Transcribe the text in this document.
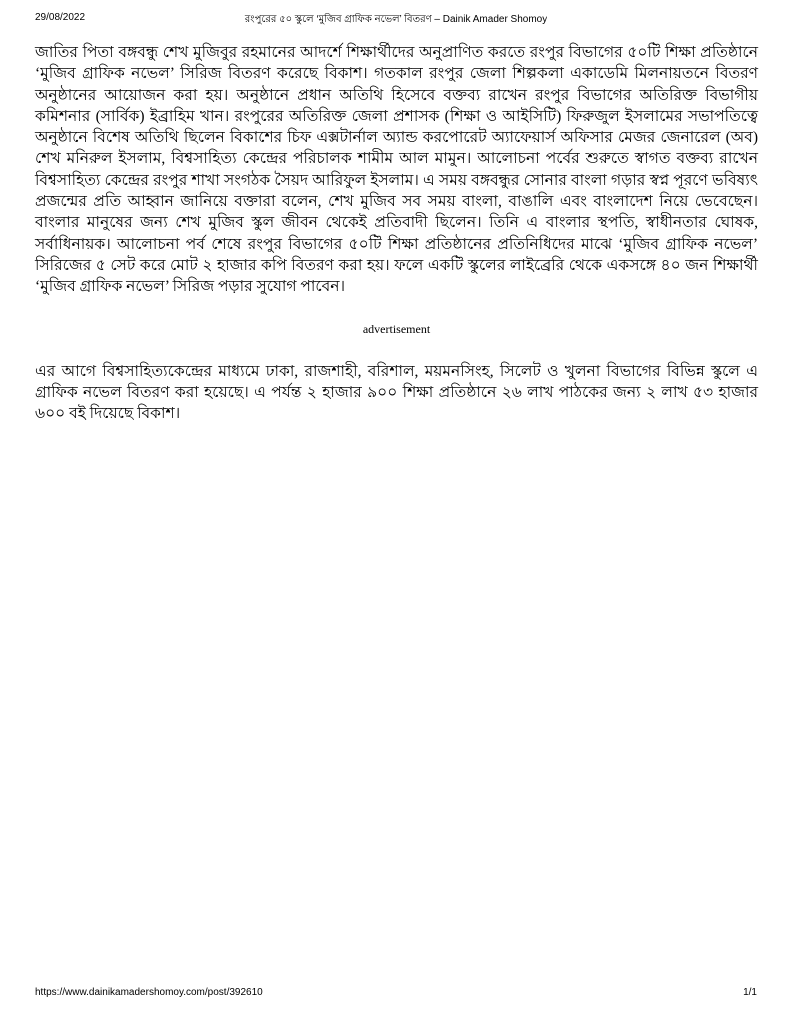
29/08/2022	রংপুরের ৫০ স্কুলে ‘মুজিব গ্রাফিক নভেল’ বিতরণ – Dainik Amader Shomoy

জাতির পিতা বঙ্গবন্ধু শেখ মুজিবুর রহমানের আদর্শে শিক্ষার্থীদের অনুপ্রাণিত করতে রংপুর বিভাগের ৫০টি শিক্ষা প্রতিষ্ঠানে ‘মুজিব গ্রাফিক নভেল’ সিরিজ বিতরণ করেছে বিকাশ। গতকাল রংপুর জেলা শিল্পকলা একাডেমি মিলনায়তনে বিতরণ অনুষ্ঠানের আয়োজন করা হয়। অনুষ্ঠানে প্রধান অতিথি হিসেবে বক্তব্য রাখেন রংপুর বিভাগের অতিরিক্ত বিভাগীয় কমিশনার (সার্বিক) ইব্রাহিম খান। রংপুরের অতিরিক্ত জেলা প্রশাসক (শিক্ষা ও আইসিটি) ফিরুজুল ইসলামের সভাপতিত্বে অনুষ্ঠানে বিশেষ অতিথি ছিলেন বিকাশের চিফ এক্সটার্নাল অ্যান্ড করপোরেট অ্যাফেয়ার্স অফিসার মেজর জেনারেল (অব) শেখ মনিরুল ইসলাম, বিশ্বসাহিত্য কেন্দ্রের পরিচালক শামীম আল মামুন। আলোচনা পর্বের শুরুতে স্বাগত বক্তব্য রাখেন বিশ্বসাহিত্য কেন্দ্রের রংপুর শাখা সংগঠক সৈয়দ আরিফুল ইসলাম। এ সময় বঙ্গবন্ধুর সোনার বাংলা গড়ার স্বপ্ন পূরণে ভবিষ্যৎ প্রজন্মের প্রতি আহ্বান জানিয়ে বক্তারা বলেন, শেখ মুজিব সব সময় বাংলা, বাঙালি এবং বাংলাদেশ নিয়ে ভেবেছেন। বাংলার মানুষের জন্য শেখ মুজিব স্কুল জীবন থেকেই প্রতিবাদী ছিলেন। তিনি এ বাংলার স্থপতি, স্বাধীনতার ঘোষক, সর্বাধিনায়ক। আলোচনা পর্ব শেষে রংপুর বিভাগের ৫০টি শিক্ষা প্রতিষ্ঠানের প্রতিনিধিদের মাঝে ‘মুজিব গ্রাফিক নভেল’ সিরিজের ৫ সেট করে মোট ২ হাজার কপি বিতরণ করা হয়। ফলে একটি স্কুলের লাইব্রেরি থেকে একসঙ্গে ৪০ জন শিক্ষার্থী ‘মুজিব গ্রাফিক নভেল’ সিরিজ পড়ার সুযোগ পাবেন।

advertisement

এর আগে বিশ্বসাহিত্যকেন্দ্রের মাধ্যমে ঢাকা, রাজশাহী, বরিশাল, ময়মনসিংহ, সিলেট ও খুলনা বিভাগের বিভিন্ন স্কুলে এ গ্রাফিক নভেল বিতরণ করা হয়েছে। এ পর্যন্ত ২ হাজার ৯০০ শিক্ষা প্রতিষ্ঠানে ২৬ লাখ পাঠকের জন্য ২ লাখ ৫৩ হাজার ৬০০ বই দিয়েছে বিকাশ।

https://www.dainikamadershomoy.com/post/392610	1/1
